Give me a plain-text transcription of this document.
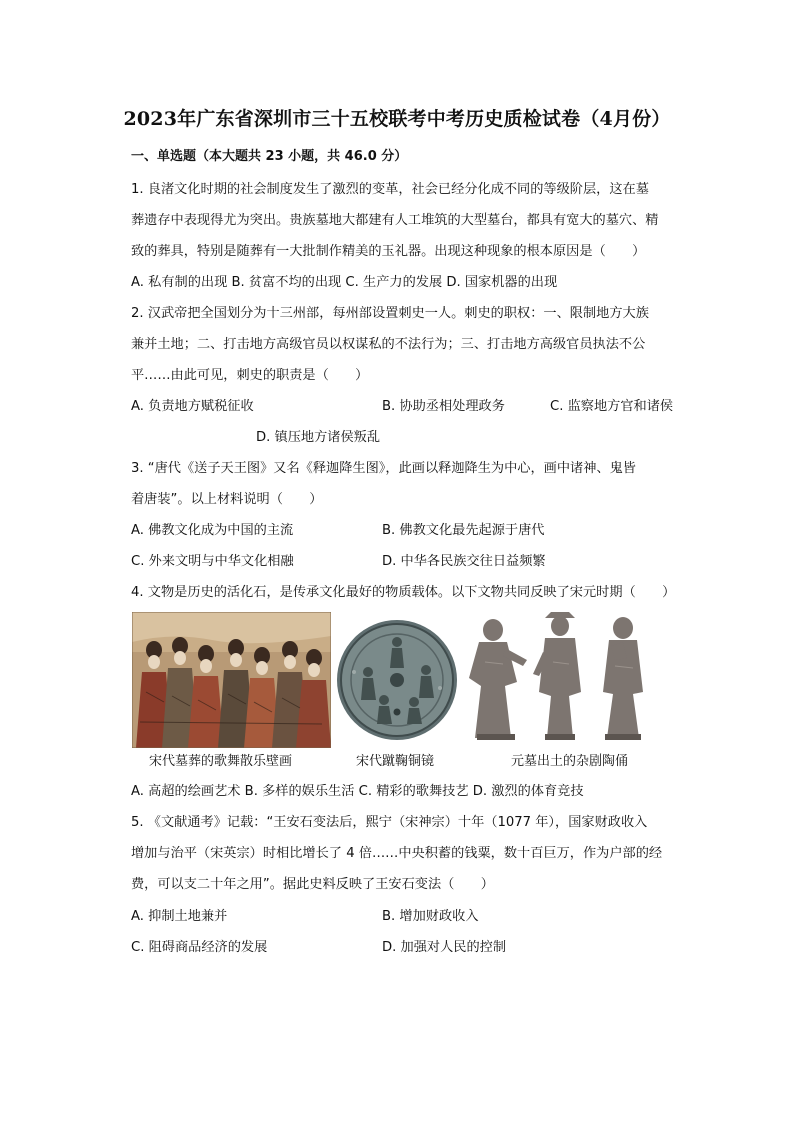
2023年广东省深圳市三十五校联考中考历史质检试卷（4月份）
一、单选题（本大题共 23 小题，共 46.0 分）
1. 良渚文化时期的社会制度发生了激烈的变革，社会已经分化成不同的等级阶层，这在墓
葬遗存中表现得尤为突出。贵族墓地大都建有人工堆筑的大型墓台，都具有宽大的墓穴、精
致的葬具，特别是随葬有一大批制作精美的玉礼器。出现这种现象的根本原因是（　　）
A. 私有制的出现 B. 贫富不均的出现 C. 生产力的发展 D. 国家机器的出现
2. 汉武帝把全国划分为十三州部，每州部设置刺史一人。刺史的职权：一、限制地方大族
兼并土地；二、打击地方高级官员以权谋私的不法行为；三、打击地方高级官员执法不公
平……由此可见，刺史的职责是（　　）
A. 负责地方赋税征收	B. 协助丞相处理政务	C. 监察地方官和诸侯
D. 镇压地方诸侯叛乱
3. “唐代《送子天王图》又名《释迦降生图》，此画以释迦降生为中心，画中诸神、鬼皆
着唐装”。以上材料说明（　　）
A. 佛教文化成为中国的主流	B. 佛教文化最先起源于唐代
C. 外来文明与中华文化相融	D. 中华各民族交往日益频繁
4. 文物是历史的活化石，是传承文化最好的物质载体。以下文物共同反映了宋元时期（　　）
宋代墓葬的歌舞散乐壁画	宋代蹴鞠铜镜	元墓出土的杂剧陶俑
A. 高超的绘画艺术 B. 多样的娱乐生活 C. 精彩的歌舞技艺 D. 激烈的体育竞技
5. 《文献通考》记载：“王安石变法后，熙宁（宋神宗）十年（1077 年），国家财政收入
增加与治平（宋英宗）时相比增长了 4 倍……中央积蓄的钱粟，数十百巨万，作为户部的经
费，可以支二十年之用”。据此史料反映了王安石变法（　　）
A. 抑制土地兼并	B. 增加财政收入
C. 阻碍商品经济的发展	D. 加强对人民的控制
